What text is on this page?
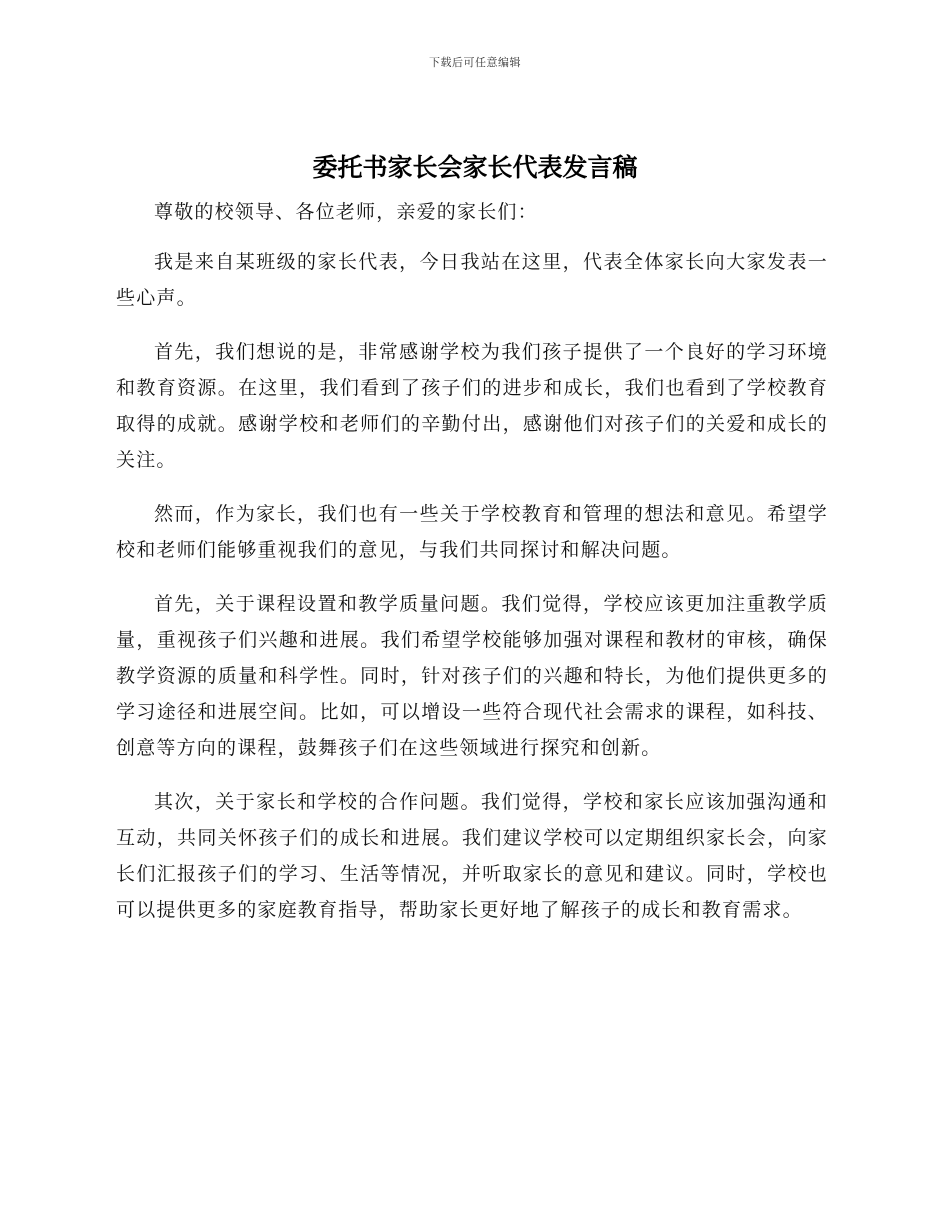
下载后可任意编辑
委托书家长会家长代表发言稿

尊敬的校领导、各位老师，亲爱的家长们：

我是来自某班级的家长代表，今日我站在这里，代表全体家长向大家发表一些心声。

首先，我们想说的是，非常感谢学校为我们孩子提供了一个良好的学习环境和教育资源。在这里，我们看到了孩子们的进步和成长，我们也看到了学校教育取得的成就。感谢学校和老师们的辛勤付出，感谢他们对孩子们的关爱和成长的关注。

然而，作为家长，我们也有一些关于学校教育和管理的想法和意见。希望学校和老师们能够重视我们的意见，与我们共同探讨和解决问题。

首先，关于课程设置和教学质量问题。我们觉得，学校应该更加注重教学质量，重视孩子们兴趣和进展。我们希望学校能够加强对课程和教材的审核，确保教学资源的质量和科学性。同时，针对孩子们的兴趣和特长，为他们提供更多的学习途径和进展空间。比如，可以增设一些符合现代社会需求的课程，如科技、创意等方向的课程，鼓舞孩子们在这些领域进行探究和创新。

其次，关于家长和学校的合作问题。我们觉得，学校和家长应该加强沟通和互动，共同关怀孩子们的成长和进展。我们建议学校可以定期组织家长会，向家长们汇报孩子们的学习、生活等情况，并听取家长的意见和建议。同时，学校也可以提供更多的家庭教育指导，帮助家长更好地了解孩子的成长和教育需求。
